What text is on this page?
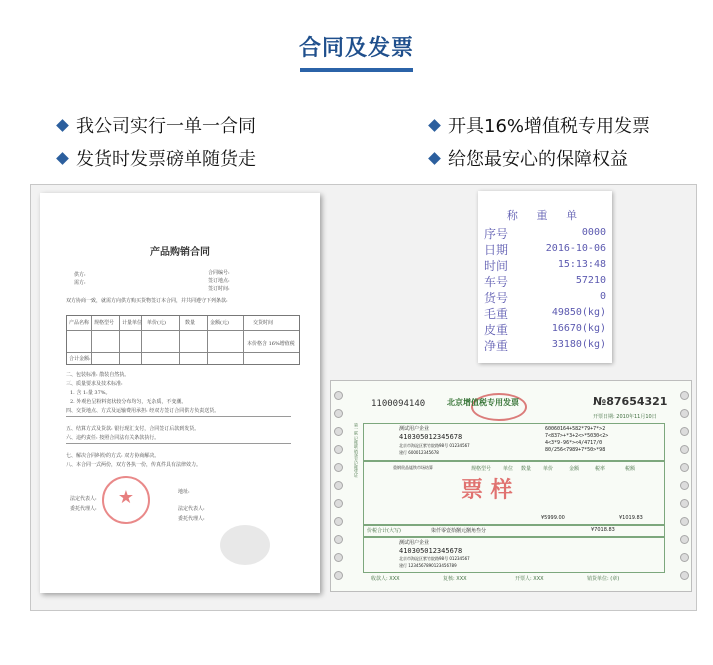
合同及发票
我公司实行一单一合同	开具16%增值税专用发票
发货时发票磅单随货走	给您最安心的保障权益
产品购销合同
供方:
需方:
合同编号:
签订地点:
签订时间:
双方协商一致，就需方向供方购买货物签订本合同，并共同遵守下列条款:
产品名称 规格型号 计量单位 单价(元)	数量	金额(元)	交货时间
本价格含 16%增值税
合计金额:
二、包装标准: 散装自然执。
三、质量要求及技术标准:
1. 含 1:量 37%。
2. 外观色呈粉料宽状较分布均匀，无杂质，不变潮。
四、交货地点、方式及运输费用承担: 经双方签订合同供方负责送货。
五、结算方式及货款: 银行现汇支付，合同签订后款到发货。
六、违约责任: 按照合同法有关条款执行。
七、解决合同纠纷的方式: 双方协商解决。
八、本合同一式两份，双方各执一份，传真件具有法律效力。
★
法定代表人:
委托代理人:
地址:
法定代表人:
委托代理人:
称 重 单
序号	0000
日期	2016-10-06
时间	15:13:48
车号	57210
货号	0
毛重	49850(kg)
皮重	16670(kg)
净重	33180(kg)
1100094140	北京增值税专用发票	№87654321
开票日期: 2010年11月10日
测试用户企业
410305012345678
北京市海淀区紫竹院路98号 01234567
建行 600012345678
60060164+582*79+7*>2
7<837>+*3+2<>*5030<2>
4<3*9-96*><4/4717/0
80/256<7989+7*50>*98
重钢贵品锰铁市场结算	规格型号 单位 数量 单价	金额	税率	税额
票 样
¥5999.00	¥1019.83
价税合计(大写)	柒仟零壹拾捌元捌角叁分	¥7018.83
测试用户企业
410305012345678
北京市海淀区紫竹院路98号 01234567
建行 1234567890123456789
收款人: XXX	复核: XXX	开票人: XXX	销货单位: (章)
第一联 记账联 销货方记账凭证
